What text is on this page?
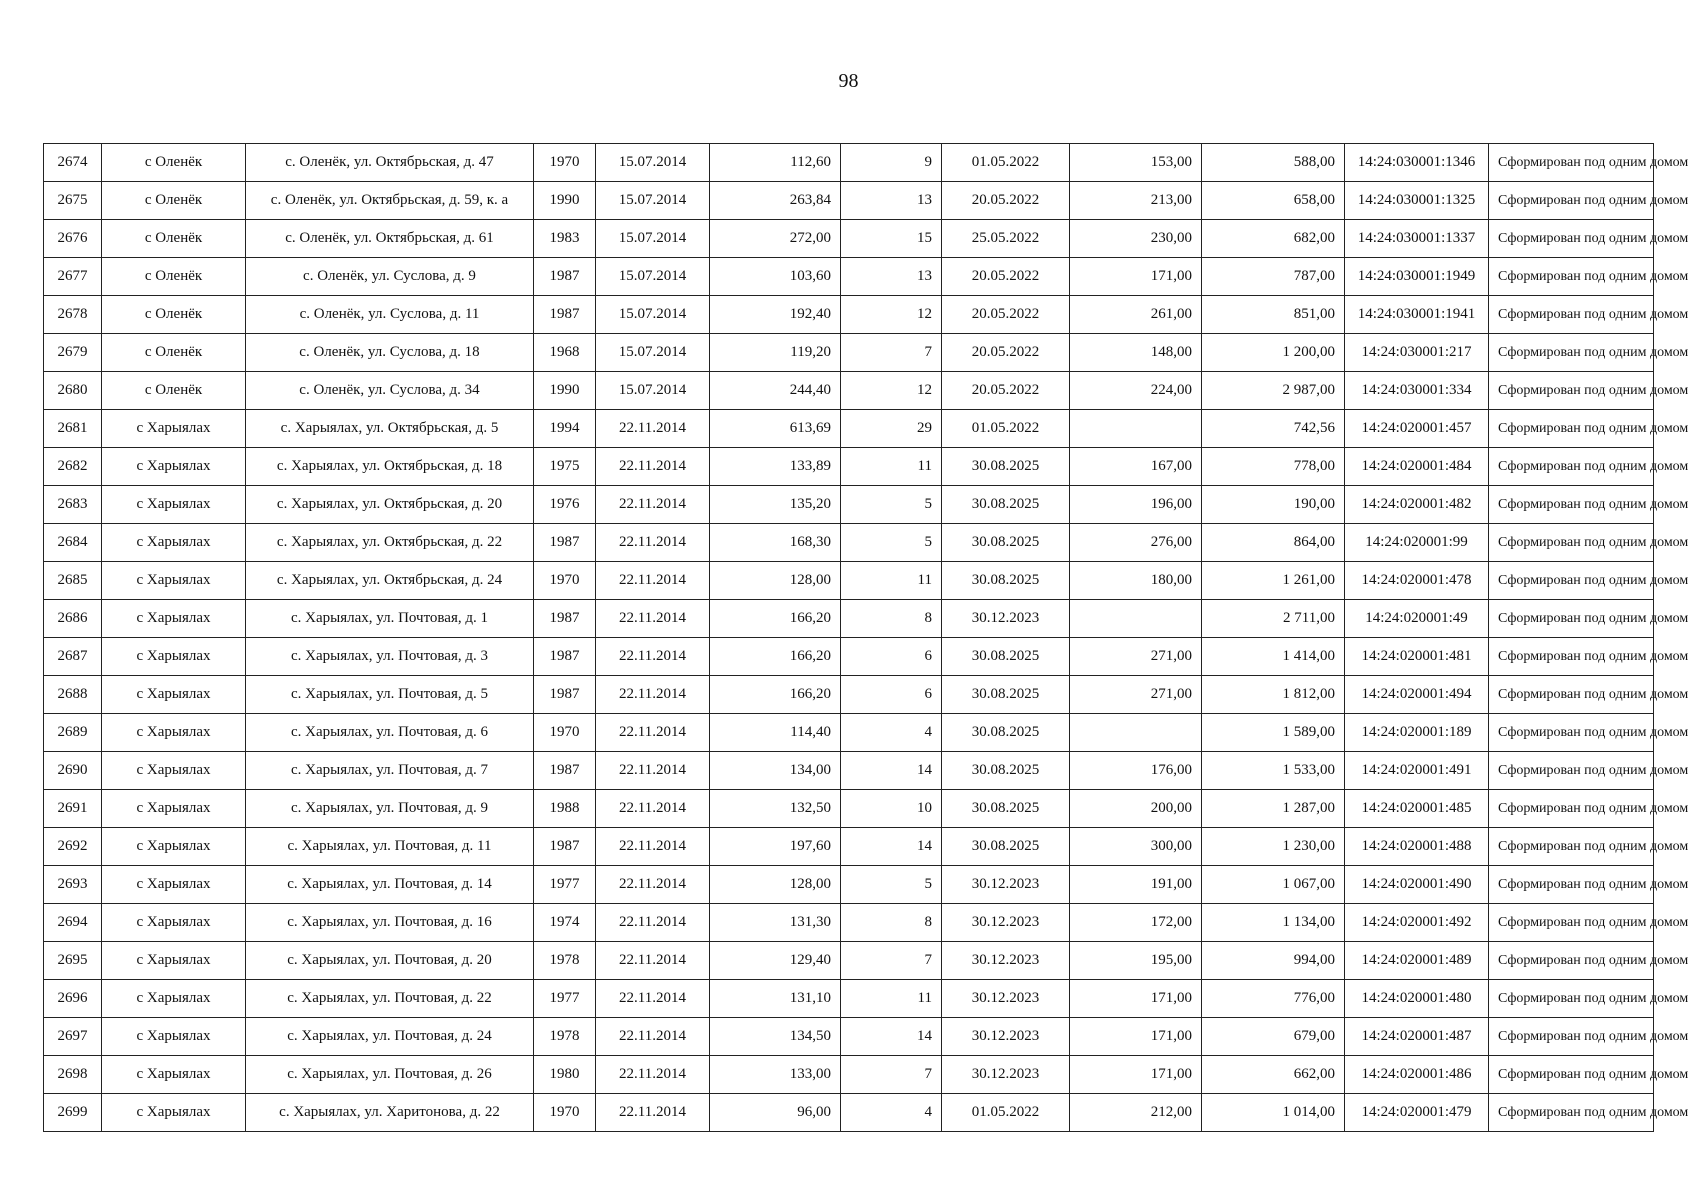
98
2674	с Оленёк	с. Оленёк, ул. Октябрьская, д. 47	1970	15.07.2014	112,60	9	01.05.2022	153,00	588,00	14:24:030001:1346	Сформирован под одним домом
2675	с Оленёк	с. Оленёк, ул. Октябрьская, д. 59, к. а	1990	15.07.2014	263,84	13	20.05.2022	213,00	658,00	14:24:030001:1325	Сформирован под одним домом
2676	с Оленёк	с. Оленёк, ул. Октябрьская, д. 61	1983	15.07.2014	272,00	15	25.05.2022	230,00	682,00	14:24:030001:1337	Сформирован под одним домом
2677	с Оленёк	с. Оленёк, ул. Суслова, д. 9	1987	15.07.2014	103,60	13	20.05.2022	171,00	787,00	14:24:030001:1949	Сформирован под одним домом
2678	с Оленёк	с. Оленёк, ул. Суслова, д. 11	1987	15.07.2014	192,40	12	20.05.2022	261,00	851,00	14:24:030001:1941	Сформирован под одним домом
2679	с Оленёк	с. Оленёк, ул. Суслова, д. 18	1968	15.07.2014	119,20	7	20.05.2022	148,00	1 200,00	14:24:030001:217	Сформирован под одним домом
2680	с Оленёк	с. Оленёк, ул. Суслова, д. 34	1990	15.07.2014	244,40	12	20.05.2022	224,00	2 987,00	14:24:030001:334	Сформирован под одним домом
2681	с Харыялах	с. Харыялах, ул. Октябрьская, д. 5	1994	22.11.2014	613,69	29	01.05.2022		742,56	14:24:020001:457	Сформирован под одним домом
2682	с Харыялах	с. Харыялах, ул. Октябрьская, д. 18	1975	22.11.2014	133,89	11	30.08.2025	167,00	778,00	14:24:020001:484	Сформирован под одним домом
2683	с Харыялах	с. Харыялах, ул. Октябрьская, д. 20	1976	22.11.2014	135,20	5	30.08.2025	196,00	190,00	14:24:020001:482	Сформирован под одним домом
2684	с Харыялах	с. Харыялах, ул. Октябрьская, д. 22	1987	22.11.2014	168,30	5	30.08.2025	276,00	864,00	14:24:020001:99	Сформирован под одним домом
2685	с Харыялах	с. Харыялах, ул. Октябрьская, д. 24	1970	22.11.2014	128,00	11	30.08.2025	180,00	1 261,00	14:24:020001:478	Сформирован под одним домом
2686	с Харыялах	с. Харыялах, ул. Почтовая, д. 1	1987	22.11.2014	166,20	8	30.12.2023		2 711,00	14:24:020001:49	Сформирован под одним домом
2687	с Харыялах	с. Харыялах, ул. Почтовая, д. 3	1987	22.11.2014	166,20	6	30.08.2025	271,00	1 414,00	14:24:020001:481	Сформирован под одним домом
2688	с Харыялах	с. Харыялах, ул. Почтовая, д. 5	1987	22.11.2014	166,20	6	30.08.2025	271,00	1 812,00	14:24:020001:494	Сформирован под одним домом
2689	с Харыялах	с. Харыялах, ул. Почтовая, д. 6	1970	22.11.2014	114,40	4	30.08.2025		1 589,00	14:24:020001:189	Сформирован под одним домом
2690	с Харыялах	с. Харыялах, ул. Почтовая, д. 7	1987	22.11.2014	134,00	14	30.08.2025	176,00	1 533,00	14:24:020001:491	Сформирован под одним домом
2691	с Харыялах	с. Харыялах, ул. Почтовая, д. 9	1988	22.11.2014	132,50	10	30.08.2025	200,00	1 287,00	14:24:020001:485	Сформирован под одним домом
2692	с Харыялах	с. Харыялах, ул. Почтовая, д. 11	1987	22.11.2014	197,60	14	30.08.2025	300,00	1 230,00	14:24:020001:488	Сформирован под одним домом
2693	с Харыялах	с. Харыялах, ул. Почтовая, д. 14	1977	22.11.2014	128,00	5	30.12.2023	191,00	1 067,00	14:24:020001:490	Сформирован под одним домом
2694	с Харыялах	с. Харыялах, ул. Почтовая, д. 16	1974	22.11.2014	131,30	8	30.12.2023	172,00	1 134,00	14:24:020001:492	Сформирован под одним домом
2695	с Харыялах	с. Харыялах, ул. Почтовая, д. 20	1978	22.11.2014	129,40	7	30.12.2023	195,00	994,00	14:24:020001:489	Сформирован под одним домом
2696	с Харыялах	с. Харыялах, ул. Почтовая, д. 22	1977	22.11.2014	131,10	11	30.12.2023	171,00	776,00	14:24:020001:480	Сформирован под одним домом
2697	с Харыялах	с. Харыялах, ул. Почтовая, д. 24	1978	22.11.2014	134,50	14	30.12.2023	171,00	679,00	14:24:020001:487	Сформирован под одним домом
2698	с Харыялах	с. Харыялах, ул. Почтовая, д. 26	1980	22.11.2014	133,00	7	30.12.2023	171,00	662,00	14:24:020001:486	Сформирован под одним домом
2699	с Харыялах	с. Харыялах, ул. Харитонова, д. 22	1970	22.11.2014	96,00	4	01.05.2022	212,00	1 014,00	14:24:020001:479	Сформирован под одним домом
